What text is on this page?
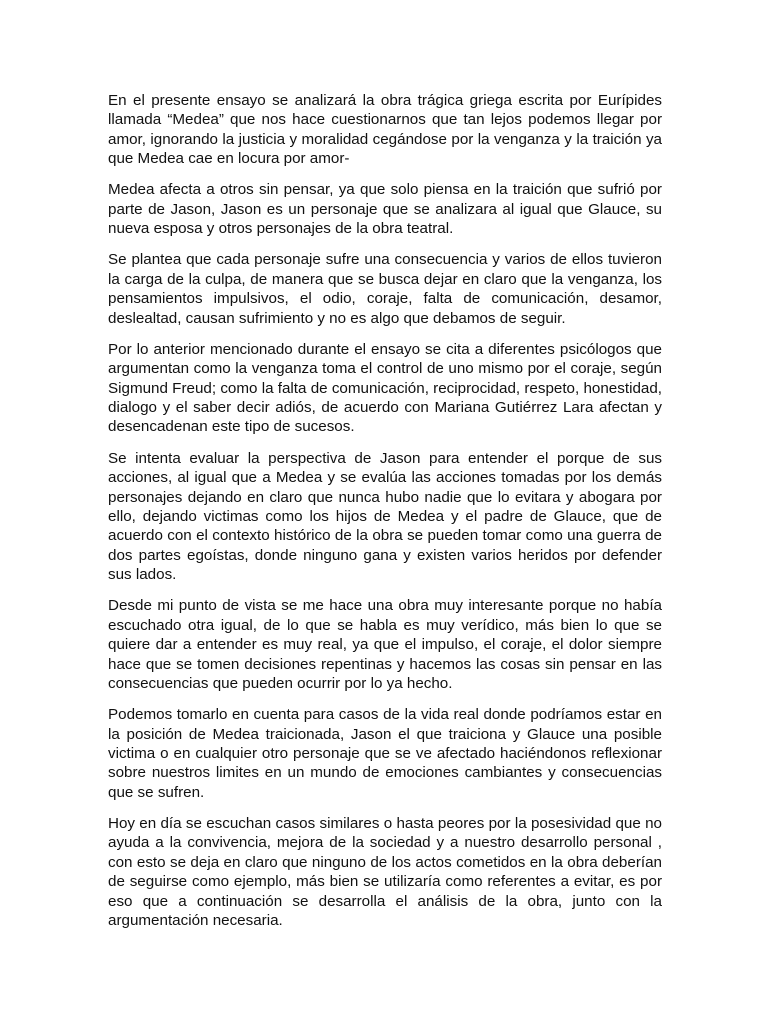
En el presente ensayo se analizará la obra trágica griega escrita por Eurípides llamada “Medea” que nos hace cuestionarnos que tan lejos podemos llegar por amor, ignorando la justicia y moralidad cegándose por la venganza y la traición ya que Medea cae en locura por amor-

Medea afecta a otros sin pensar, ya que solo piensa en la traición que sufrió por parte de Jason, Jason es un personaje que se analizara al igual que Glauce, su nueva esposa y otros personajes de la obra teatral.

Se plantea que cada personaje sufre una consecuencia y varios de ellos tuvieron la carga de la culpa, de manera que se busca dejar en claro que la venganza, los pensamientos impulsivos, el odio, coraje, falta de comunicación, desamor, deslealtad, causan sufrimiento y no es algo que debamos de seguir.

Por lo anterior mencionado durante el ensayo se cita a diferentes psicólogos que argumentan como la venganza toma el control de uno mismo por el coraje, según Sigmund Freud; como la falta de comunicación, reciprocidad, respeto, honestidad, dialogo y el saber decir adiós, de acuerdo con Mariana Gutiérrez Lara afectan y desencadenan este tipo de sucesos.

Se intenta evaluar la perspectiva de Jason para entender el porque de sus acciones, al igual que a Medea y se evalúa las acciones tomadas por los demás personajes dejando en claro que nunca hubo nadie que lo evitara y abogara por ello, dejando victimas como los hijos de Medea y el padre de Glauce, que de acuerdo con el contexto histórico de la obra se pueden tomar como una guerra de dos partes egoístas, donde ninguno gana y existen varios heridos por defender sus lados.

Desde mi punto de vista se me hace una obra muy interesante porque no había escuchado otra igual, de lo que se habla es muy verídico, más bien lo que se quiere dar a entender es muy real, ya que el impulso, el coraje, el dolor siempre hace que se tomen decisiones repentinas y hacemos las cosas sin pensar en las consecuencias que pueden ocurrir por lo ya hecho.

Podemos tomarlo en cuenta para casos de la vida real donde podríamos estar en la posición de Medea traicionada, Jason el que traiciona y Glauce una posible victima o en cualquier otro personaje que se ve afectado haciéndonos reflexionar sobre nuestros limites en un mundo de emociones cambiantes y consecuencias que se sufren.

Hoy en día se escuchan casos similares o hasta peores por la posesividad que no ayuda a la convivencia, mejora de la sociedad y a nuestro desarrollo personal , con esto se deja en claro que ninguno de los actos cometidos en la obra deberían de seguirse como ejemplo, más bien se utilizaría como referentes a evitar, es por eso que a continuación se desarrolla el análisis de la obra, junto con la argumentación necesaria.
